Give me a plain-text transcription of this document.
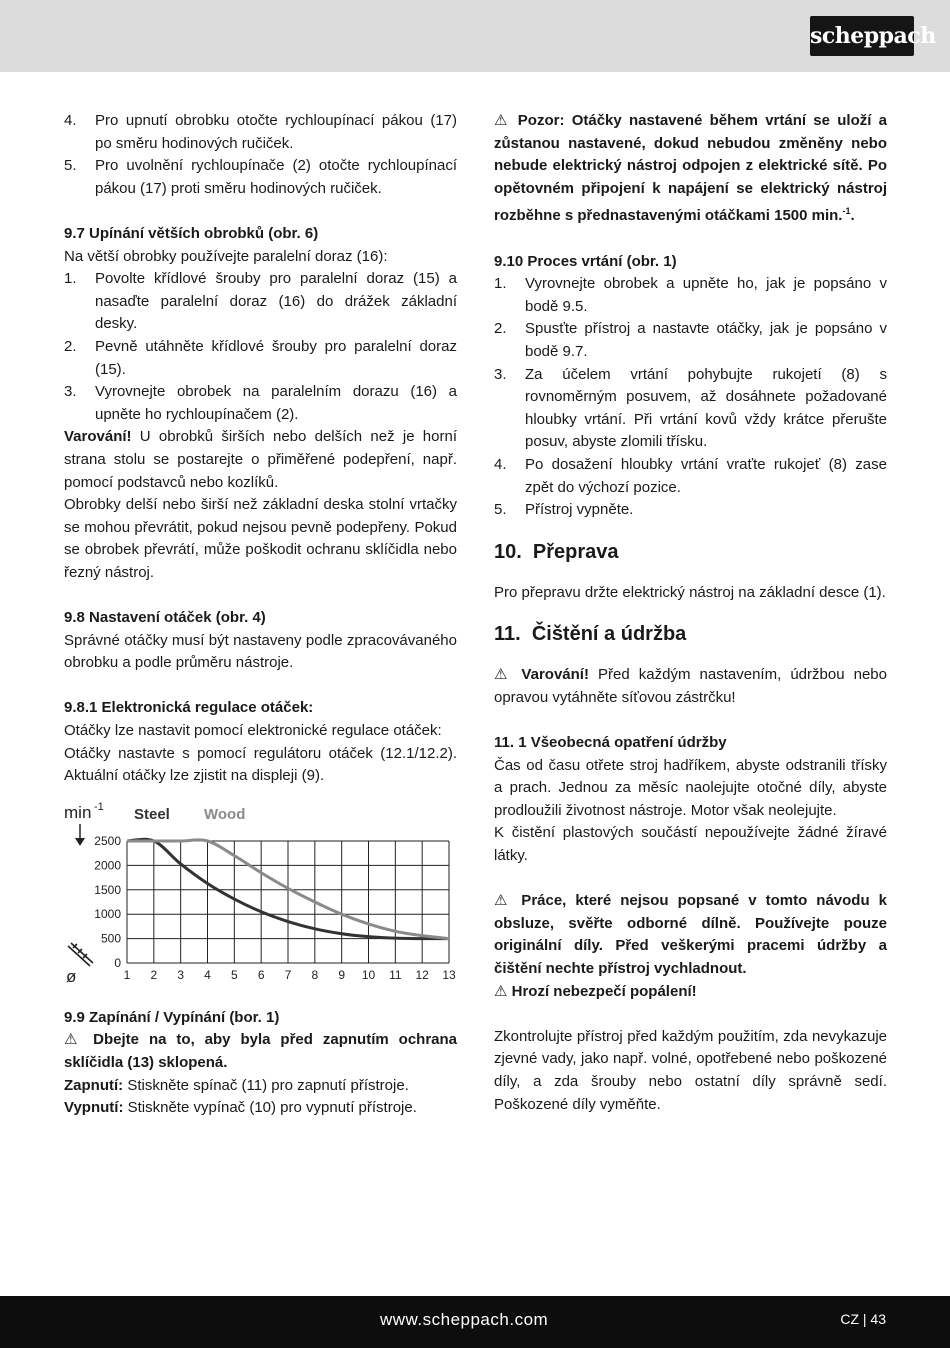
scheppach
4. Pro upnutí obrobku otočte rychloupínací pákou (17) po směru hodinových ručiček.
5. Pro uvolnění rychloupínače (2) otočte rychloupínací pákou (17) proti směru hodinových ručiček.

9.7 Upínání větších obrobků (obr. 6)

Na větší obrobky používejte paralelní doraz (16):

1. Povolte křídlové šrouby pro paralelní doraz (15) a nasaďte paralelní doraz (16) do drážek základní desky.
2. Pevně utáhněte křídlové šrouby pro paralelní doraz (15).
3. Vyrovnejte obrobek na paralelním dorazu (16) a upněte ho rychloupínačem (2).

Varování! U obrobků širších nebo delších než je horní strana stolu se postarejte o přiměřené podepření, např. pomocí podstavců nebo kozlíků.

Obrobky delší nebo širší než základní deska stolní vrtačky se mohou převrátit, pokud nejsou pevně podepřeny. Pokud se obrobek převrátí, může poškodit ochranu sklíčidla nebo řezný nástroj.

9.8 Nastavení otáček (obr. 4)

Správné otáčky musí být nastaveny podle zpracovávaného obrobku a podle průměru nástroje.

9.8.1 Elektronická regulace otáček:

Otáčky lze nastavit pomocí elektronické regulace otáček:

Otáčky nastavte s pomocí regulátoru otáček (12.1/12.2).

Aktuální otáčky lze zjistit na displeji (9).

0
500
1000
1500
2000
2500
1 2 3 4 5 6 7 8 9 10 11 12 13
min -1
ø
Steel Wood

9.9 Zapínání / Vypínání (bor. 1)

⚠ Dbejte na to, aby byla před zapnutím ochrana sklíčidla (13) sklopená.

Zapnutí: Stiskněte spínač (11) pro zapnutí přístroje.

Vypnutí: Stiskněte vypínač (10) pro vypnutí přístroje.

⚠ Pozor: Otáčky nastavené během vrtání se uloží a zůstanou nastavené, dokud nebudou změněny nebo nebude elektrický nástroj odpojen z elektrické sítě. Po opětovném připojení k napájení se elektrický nástroj rozběhne s přednastavenými otáčkami 1500 min.$^{-1}$.

9.10 Proces vrtání (obr. 1)

1. Vyrovnejte obrobek a upněte ho, jak je popsáno v bodě 9.5.
2. Spusťte přístroj a nastavte otáčky, jak je popsáno v bodě 9.7.
3. Za účelem vrtání pohybujte rukojetí (8) s rovnoměrným posuvem, až dosáhnete požadované hloubky vrtání. Při vrtání kovů vždy krátce přerušte posuv, abyste zlomili třísku.
4. Po dosažení hloubky vrtání vraťte rukojeť (8) zase zpět do výchozí pozice.
5. Přístroj vypněte.

10.  Přeprava

Pro přepravu držte elektrický nástroj na základní desce (1).

11.  Čištění a údržba

⚠ Varování! Před každým nastavením, údržbou nebo opravou vytáhněte síťovou zástrčku!

11. 1 Všeobecná opatření údržby

Čas od času otřete stroj hadříkem, abyste odstranili třísky a prach. Jednou za měsíc naolejujte otočné díly, abyste prodloužili životnost nástroje. Motor však neolejujte.

K čistění plastových součástí nepoužívejte žádné žíravé látky.

⚠ Práce, které nejsou popsané v tomto návodu k obsluze, svěřte odborné dílně. Používejte pouze originální díly. Před veškerými pracemi údržby a čištění nechte přístroj vychladnout.

⚠ Hrozí nebezpečí popálení!

Zkontrolujte přístroj před každým použitím, zda nevykazuje zjevné vady, jako např. volné, opotřebené nebo poškozené díly, a zda šrouby nebo ostatní díly správně sedí. Poškozené díly vyměňte.

www.scheppach.com	CZ | 43
